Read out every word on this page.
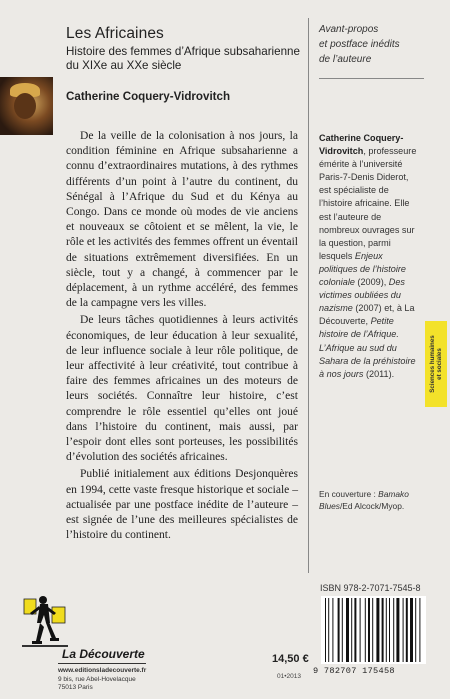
Les Africaines
Histoire des femmes d’Afrique subsaharienne
du XIXe au XXe siècle
Catherine Coquery-Vidrovitch
Avant-propos
et postface inédits
de l’auteure

De la veille de la colonisation à nos jours, la condition féminine en Afrique subsaharienne a connu d’extraordinaires mutations, à des rythmes différents d’un point à l’autre du continent, du Sénégal à l’Afrique du Sud et du Kénya au Congo. Dans ce monde où modes de vie anciens et nouveaux se côtoient et se mêlent, la vie, le rôle et les activités des femmes offrent un éventail de situations extrêmement diversifiées. En un siècle, tout y a changé, à commencer par le déplacement, à un rythme accéléré, des femmes de la campagne vers les villes.

De leurs tâches quotidiennes à leurs activités économiques, de leur éducation à leur sexualité, de leur influence sociale à leur rôle politique, de leur affectivité à leur créativité, tout contribue à faire des femmes africaines un des moteurs de leurs sociétés. Connaître leur histoire, c’est comprendre le rôle essentiel qu’elles ont joué dans l’histoire du continent, mais aussi, par l’espoir dont elles sont porteuses, les possibilités d’évolution des sociétés africaines.

Publié initialement aux éditions Desjonquères en 1994, cette vaste fresque historique et sociale – actualisée par une postface inédite de l’auteure – est signée de l’une des meilleures spécialistes de l’histoire du continent.

Catherine Coquery-Vidrovitch, professeure émérite à l’université Paris-7-Denis Diderot, est spécialiste de l’histoire africaine. Elle est l’auteure de nombreux ouvrages sur la question, parmi lesquels Enjeux politiques de l’histoire coloniale (2009), Des victimes oubliées du nazisme (2007) et, à La Découverte, Petite histoire de l’Afrique. L’Afrique au sud du Sahara de la préhistoire à nos jours (2011).	Sciences humaines et sociales
En couverture : Bamako Blues/Ed Alcock/Myop.
ISBN 978-2-7071-7545-8
9 782707 175458
14,50 €
01•2013
La Découverte
www.editionsladecouverte.fr
9 bis, rue Abel-Hovelacque
75013 Paris
